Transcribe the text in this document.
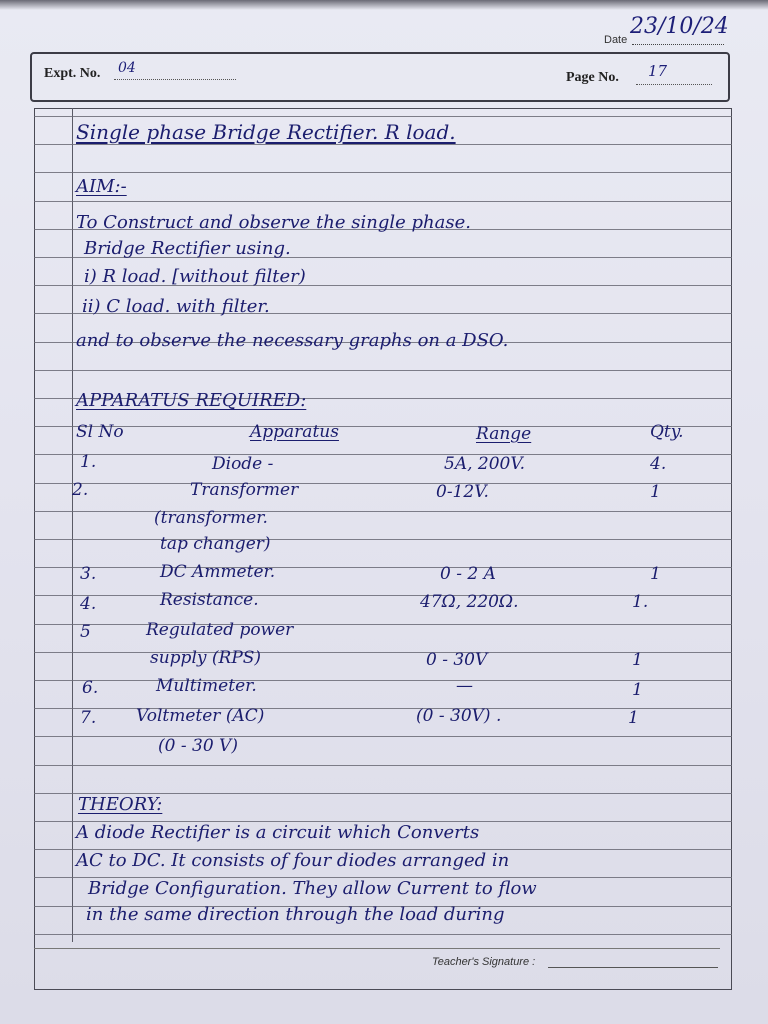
Date
23/10/24
Expt. No. 04
Page No. 17
Single phase Bridge Rectifier. R load.
AIM:-
To Construct and observe the single phase.
Bridge Rectifier using.
i) R load. [without filter)
ii) C load. with filter.
and to observe the necessary graphs on a DSO.
APPARATUS REQUIRED:
Sl No	Apparatus	Range	Qty.
1.	Diode -	5A, 200V.	4.
2.	Transformer	0-12V.	1
(transformer.
tap changer)
3.	DC Ammeter.	0 - 2 A	1
4.	Resistance.	47Ω, 220Ω.	1.
5	Regulated power
supply (RPS)	0 - 30V	1
6.	Multimeter.	—	1
7. Voltmeter (AC)	(0 - 30V) .	1
(0 - 30 V)
THEORY:
A diode Rectifier is a circuit which Converts
AC to DC. It consists of four diodes arranged in
Bridge Configuration. They allow Current to flow
in the same direction through the load during
Teacher's Signature :
